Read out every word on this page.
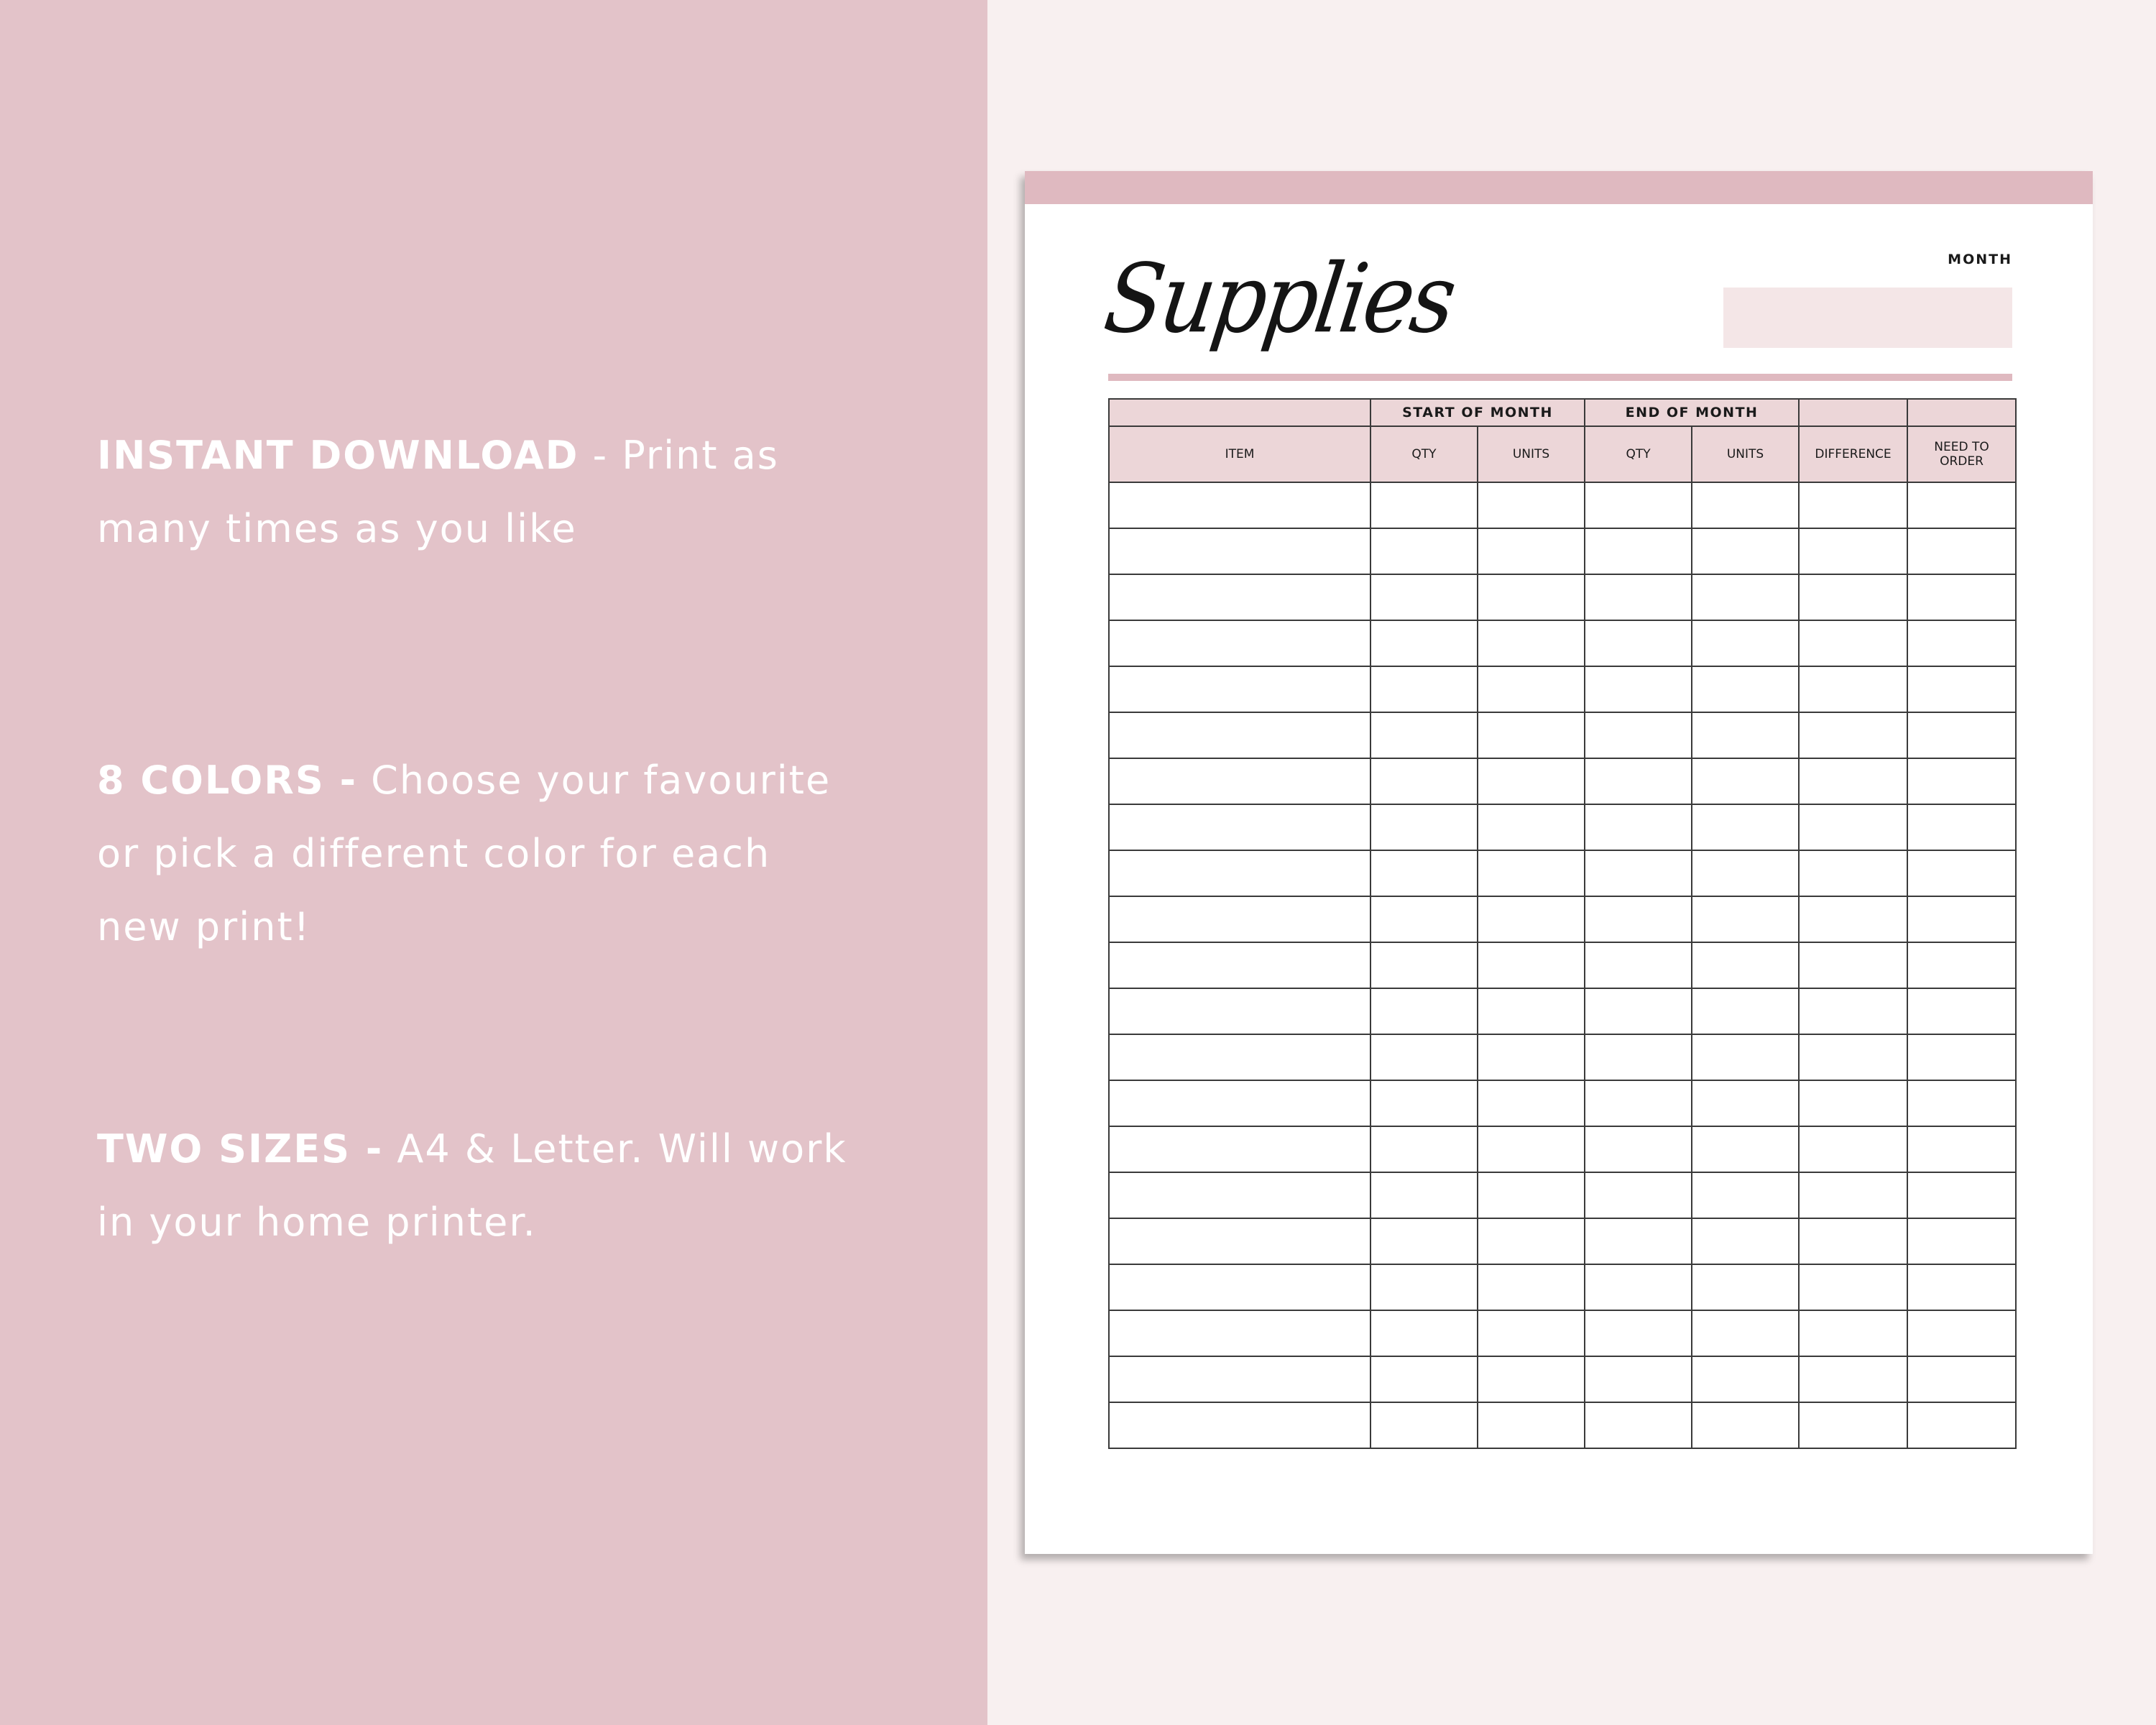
INSTANT DOWNLOAD - Print as many times as you like
8 COLORS - Choose your favourite or pick a different color for each new print!
TWO SIZES - A4 & Letter. Will work in your home printer.
Supplies	MONTH
	START OF MONTH		END OF MONTH			
ITEM	QTY	UNITS	QTY	UNITS	DIFFERENCE	NEED TO ORDER
